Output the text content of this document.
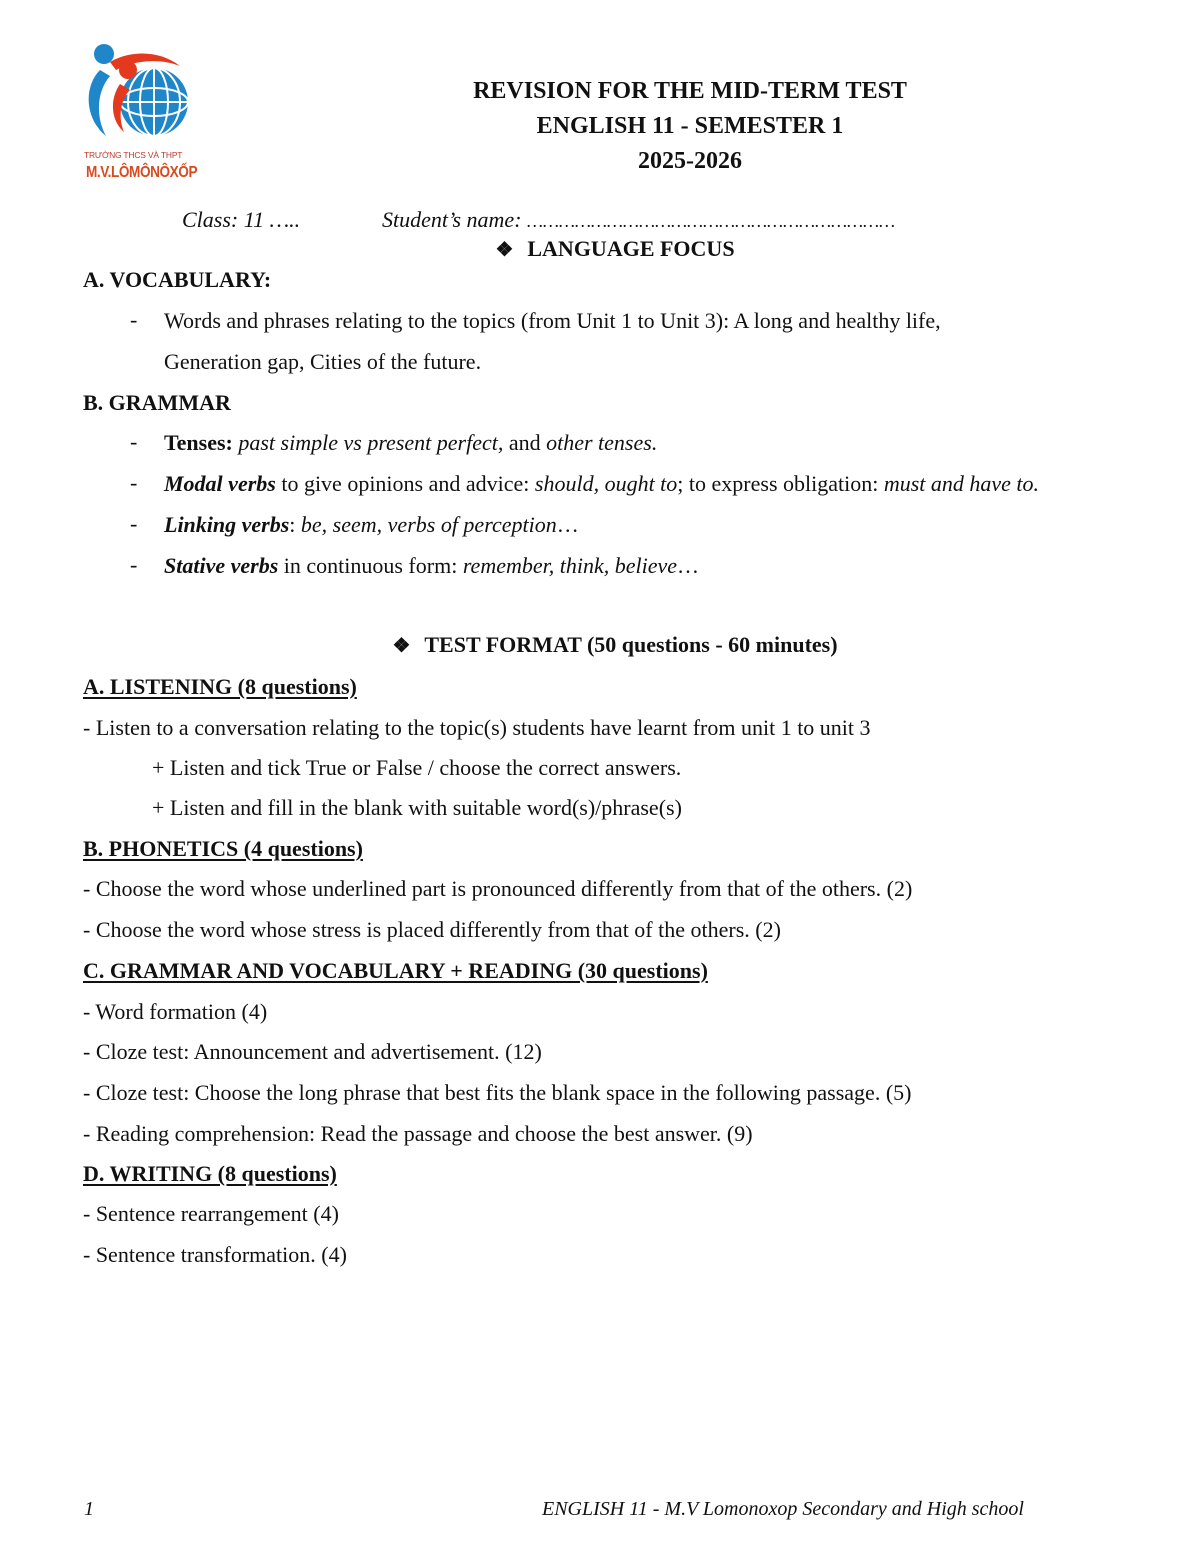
TRƯỜNG THCS VÀ THPT
M.V.LÔMÔNÔXỐP
REVISION FOR THE MID-TERM TEST
ENGLISH 11 - SEMESTER 1
2025-2026
Class: 11 …..	Student’s name: ……………………………………………………………
❖ LANGUAGE FOCUS
A. VOCABULARY:
- Words and phrases relating to the topics (from Unit 1 to Unit 3): A long and healthy life,
Generation gap, Cities of the future.
B. GRAMMAR
- Tenses: past simple vs present perfect, and other tenses.
- Modal verbs to give opinions and advice: should, ought to; to express obligation: must and have to.
- Linking verbs: be, seem, verbs of perception…
- Stative verbs in continuous form: remember, think, believe…
❖ TEST FORMAT (50 questions - 60 minutes)
A. LISTENING (8 questions)
- Listen to a conversation relating to the topic(s) students have learnt from unit 1 to unit 3
+ Listen and tick True or False / choose the correct answers.
+ Listen and fill in the blank with suitable word(s)/phrase(s)
B. PHONETICS (4 questions)
- Choose the word whose underlined part is pronounced differently from that of the others. (2)
- Choose the word whose stress is placed differently from that of the others. (2)
C. GRAMMAR AND VOCABULARY + READING (30 questions)
- Word formation (4)
- Cloze test: Announcement and advertisement. (12)
- Cloze test: Choose the long phrase that best fits the blank space in the following passage. (5)
- Reading comprehension: Read the passage and choose the best answer. (9)
D. WRITING (8 questions)
- Sentence rearrangement (4)
- Sentence transformation. (4)
1	ENGLISH 11 - M.V Lomonoxop Secondary and High school
